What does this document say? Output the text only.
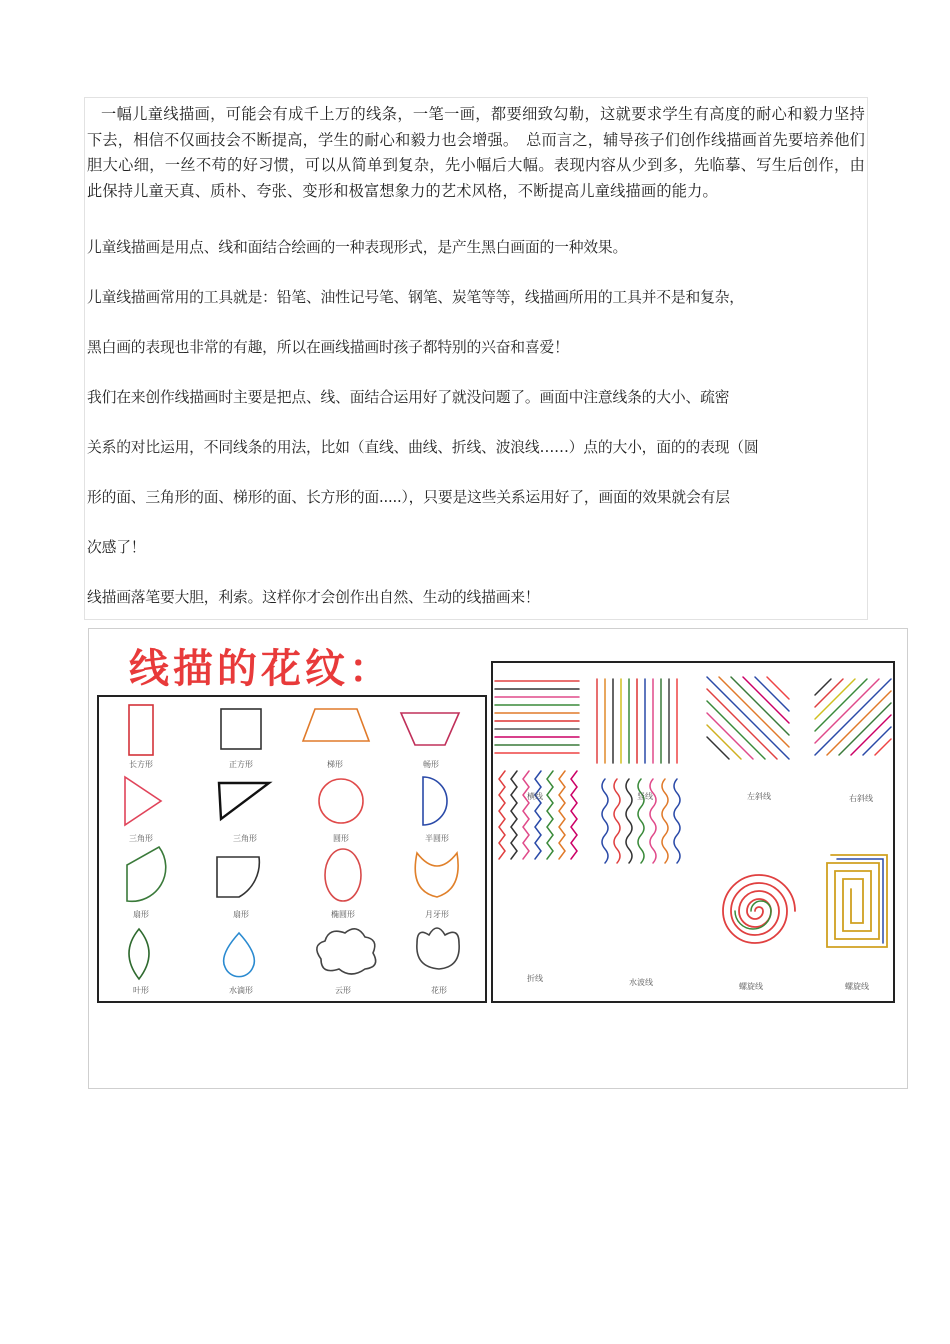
一幅儿童线描画，可能会有成千上万的线条，一笔一画，都要细致勾勒，这就要求学生有高度的耐心和毅力坚持下去，相信不仅画技会不断提高，学生的耐心和毅力也会增强。　总而言之，辅导孩子们创作线描画首先要培养他们胆大心细，一丝不苟的好习惯，可以从简单到复杂，先小幅后大幅。表现内容从少到多，先临摹、写生后创作，由此保持儿童天真、质朴、夸张、变形和极富想象力的艺术风格，不断提高儿童线描画的能力。

儿童线描画是用点、线和面结合绘画的一种表现形式，是产生黑白画面的一种效果。

儿童线描画常用的工具就是：铅笔、油性记号笔、钢笔、炭笔等等，线描画所用的工具并不是和复杂，

黑白画的表现也非常的有趣，所以在画线描画时孩子都特别的兴奋和喜爱！

我们在来创作线描画时主要是把点、线、面结合运用好了就没问题了。画面中注意线条的大小、疏密

关系的对比运用，不同线条的用法，比如（直线、曲线、折线、波浪线……）点的大小，面的的表现（圆

形的面、三角形的面、梯形的面、长方形的面.....），只要是这些关系运用好了，画面的效果就会有层

次感了！

线描画落笔要大胆，利索。这样你才会创作出自然、生动的线描画来！

线描的花纹：
长方形	正方形	梯形	畅形
三角形	三角形	圆形	半圆形
扇形	扇形	椭圆形	月牙形
叶形	水滴形	云形	花形
横线	竖线	左斜线	右斜线
折线	水波线	螺旋线	螺旋线
